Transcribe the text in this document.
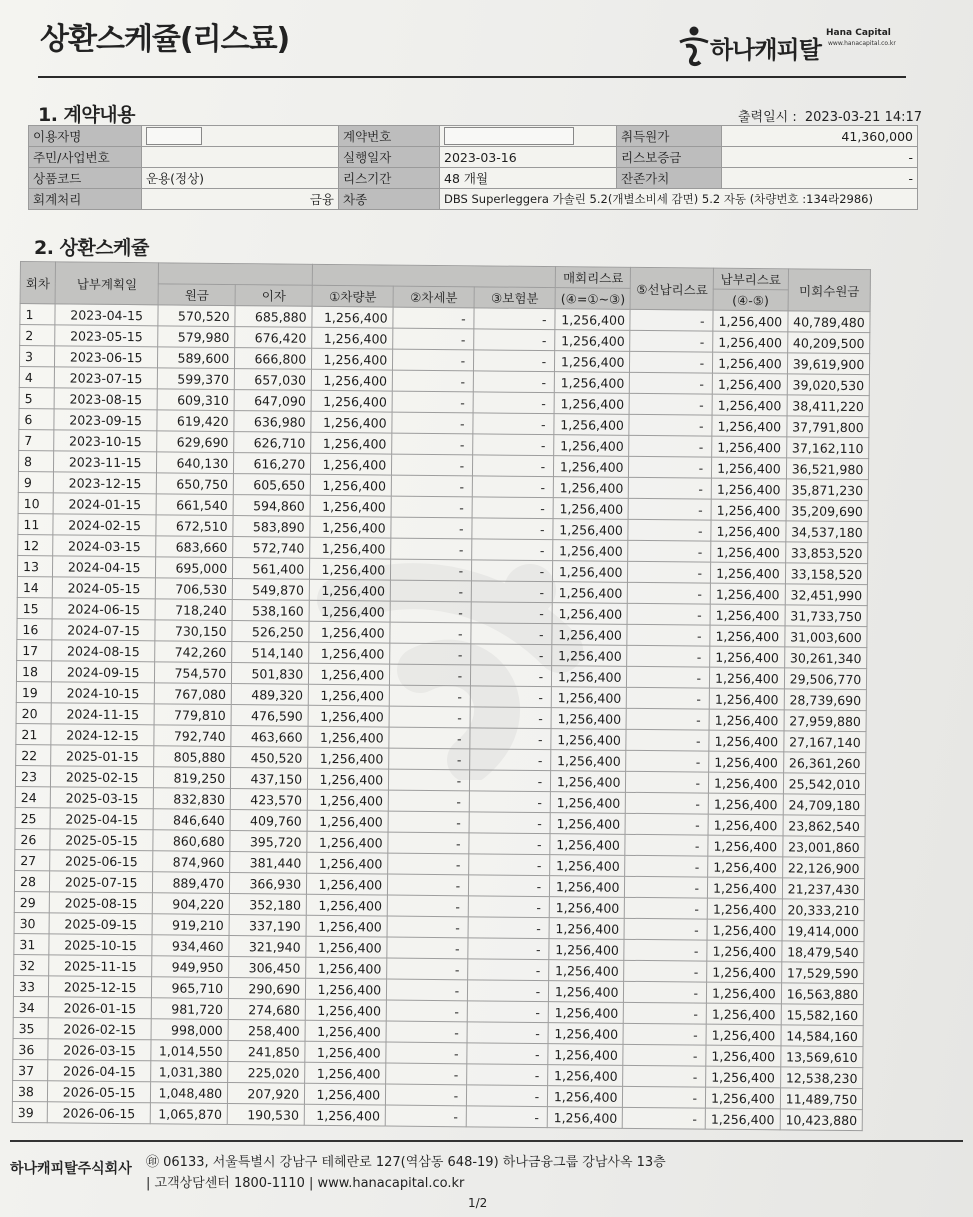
상환스케쥴(리스료)	하나캐피탈
Hana Capital
www.hanacapital.co.kr
1. 계약내용	출력일시 : 2023-03-21 14:17
이용자명		계약번호		취득원가	41,360,000
주민/사업번호		실행일자	2023-03-16	리스보증금	-
상품코드	운용(정상)	리스기간	48 개월	잔존가치	-
회계처리	금융	차종	DBS Superleggera 가솔린 5.2(개별소비세 감면) 5.2 자동 (차량번호 :134라2986)		
2. 상환스케쥴
회차	납부계획일						매회리스료	⑤선납리스료	납부리스료	미회수원금
		원금	이자	①차량분	②차세분	③보험분	(④=①~③)		(④-⑤)	
1	2023-04-15	570,520	685,880	1,256,400	-	-	1,256,400	-	1,256,400	40,789,480
2	2023-05-15	579,980	676,420	1,256,400	-	-	1,256,400	-	1,256,400	40,209,500
3	2023-06-15	589,600	666,800	1,256,400	-	-	1,256,400	-	1,256,400	39,619,900
4	2023-07-15	599,370	657,030	1,256,400	-	-	1,256,400	-	1,256,400	39,020,530
5	2023-08-15	609,310	647,090	1,256,400	-	-	1,256,400	-	1,256,400	38,411,220
6	2023-09-15	619,420	636,980	1,256,400	-	-	1,256,400	-	1,256,400	37,791,800
7	2023-10-15	629,690	626,710	1,256,400	-	-	1,256,400	-	1,256,400	37,162,110
8	2023-11-15	640,130	616,270	1,256,400	-	-	1,256,400	-	1,256,400	36,521,980
9	2023-12-15	650,750	605,650	1,256,400	-	-	1,256,400	-	1,256,400	35,871,230
10	2024-01-15	661,540	594,860	1,256,400	-	-	1,256,400	-	1,256,400	35,209,690
11	2024-02-15	672,510	583,890	1,256,400	-	-	1,256,400	-	1,256,400	34,537,180
12	2024-03-15	683,660	572,740	1,256,400	-	-	1,256,400	-	1,256,400	33,853,520
13	2024-04-15	695,000	561,400	1,256,400	-	-	1,256,400	-	1,256,400	33,158,520
14	2024-05-15	706,530	549,870	1,256,400	-	-	1,256,400	-	1,256,400	32,451,990
15	2024-06-15	718,240	538,160	1,256,400	-	-	1,256,400	-	1,256,400	31,733,750
16	2024-07-15	730,150	526,250	1,256,400	-	-	1,256,400	-	1,256,400	31,003,600
17	2024-08-15	742,260	514,140	1,256,400	-	-	1,256,400	-	1,256,400	30,261,340
18	2024-09-15	754,570	501,830	1,256,400	-	-	1,256,400	-	1,256,400	29,506,770
19	2024-10-15	767,080	489,320	1,256,400	-	-	1,256,400	-	1,256,400	28,739,690
20	2024-11-15	779,810	476,590	1,256,400	-	-	1,256,400	-	1,256,400	27,959,880
21	2024-12-15	792,740	463,660	1,256,400	-	-	1,256,400	-	1,256,400	27,167,140
22	2025-01-15	805,880	450,520	1,256,400	-	-	1,256,400	-	1,256,400	26,361,260
23	2025-02-15	819,250	437,150	1,256,400	-	-	1,256,400	-	1,256,400	25,542,010
24	2025-03-15	832,830	423,570	1,256,400	-	-	1,256,400	-	1,256,400	24,709,180
25	2025-04-15	846,640	409,760	1,256,400	-	-	1,256,400	-	1,256,400	23,862,540
26	2025-05-15	860,680	395,720	1,256,400	-	-	1,256,400	-	1,256,400	23,001,860
27	2025-06-15	874,960	381,440	1,256,400	-	-	1,256,400	-	1,256,400	22,126,900
28	2025-07-15	889,470	366,930	1,256,400	-	-	1,256,400	-	1,256,400	21,237,430
29	2025-08-15	904,220	352,180	1,256,400	-	-	1,256,400	-	1,256,400	20,333,210
30	2025-09-15	919,210	337,190	1,256,400	-	-	1,256,400	-	1,256,400	19,414,000
31	2025-10-15	934,460	321,940	1,256,400	-	-	1,256,400	-	1,256,400	18,479,540
32	2025-11-15	949,950	306,450	1,256,400	-	-	1,256,400	-	1,256,400	17,529,590
33	2025-12-15	965,710	290,690	1,256,400	-	-	1,256,400	-	1,256,400	16,563,880
34	2026-01-15	981,720	274,680	1,256,400	-	-	1,256,400	-	1,256,400	15,582,160
35	2026-02-15	998,000	258,400	1,256,400	-	-	1,256,400	-	1,256,400	14,584,160
36	2026-03-15	1,014,550	241,850	1,256,400	-	-	1,256,400	-	1,256,400	13,569,610
37	2026-04-15	1,031,380	225,020	1,256,400	-	-	1,256,400	-	1,256,400	12,538,230
38	2026-05-15	1,048,480	207,920	1,256,400	-	-	1,256,400	-	1,256,400	11,489,750
39	2026-06-15	1,065,870	190,530	1,256,400	-	-	1,256,400	-	1,256,400	10,423,880
하나캐피탈주식회사 ㊞ 06133, 서울특별시 강남구 테헤란로 127(역삼동 648-19) 하나금융그룹 강남사옥 13층
| 고객상담센터 1800-1110 | www.hanacapital.co.kr
1/2
